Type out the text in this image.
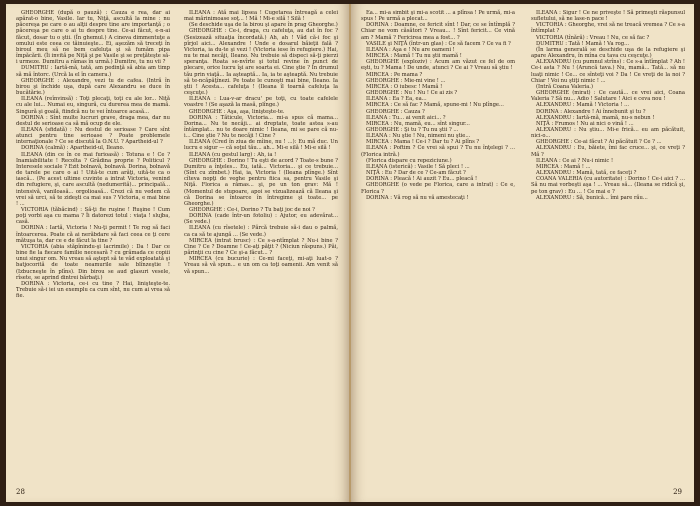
GHEORGHE (după o pauză) : Cauza e rea, dar ai apărat-o bine, Vasile. Iar tu, Niţă, ascultă la mine : nu păcereşa pe care o au alţii despre tine are importanţă ; o păcereşa pe care o ai tu despre tine. Ce-ai făcut, e-n-ai făcut, dosar tu o ştii. (În ghemul.) A cineva dimmentuţe a omului este ceea ce tăinuieşte... Ei, aşezăm să treceţi în biroul meu să ne bem cafeluţa şi să fumăm pipa împăcării. (Îi invită pe Niţă şi pe Vasile şi se preţăteşte să-i urmeze. Dumitru a rămas în urmă.) Dumitre, tu nu vii ?

DUMITRU : Iartă-mă, tată, am pedinţă să abia am timp să mă întorc. (Urcă la el în camera.)

GHEORGHE : Alexandre, vezi tu de cafea. (Intră în birou şi închide uşa, după care Alexandru se duce în bucătărie.)

ILEANA (reînvinsă) : Toţi plecaţi, toţi cu ale lor... Niţă cu ale lui... Numai eu, singură, cu durerea mea de mamă. Singură şi goală, fiindcă nu te vei întoarce acasă...

DORINA : Sînt multe lucruri grave, draga mea, dar nu destul de serioase ca să mă ocup de ele.

ILEANA (sfidată) : Nu destul de serioase ? Care sînt atunci pentru tine serioase ? Poate problemele internaţionale ? Ce se discută la O.N.U. ? Apartheid-ul ?

DORINA (calmă) : Apartheid-ul, Ileano.

ILEANA (din ce în ce mai furioasă) : Totuna e ! Ce ? Inamiabilitate ! Recolta ? Grădina proprie ? Politicul ? Interesele sociale ? Ezit bolnavă, bolnavă. Dorina, bolnavă de tarele pe care o ai ! Uită-te cum arăţi, uită-te ca o iască... (Pe acest ultime cuvinte a intrat Victoria, venind din refugiere, şi, care ascultă (nedumerită)... principală... intensivă, vaniloasă... orgolioasă... Crezi că nu vedem că vrei să urci, să te zideşti ca mai sus ? Victoria, e mai bine ! ...

VICTORIA (tăbăcind) : Să-ţi fie ruşine ! Ruşine ! Cum poţi vorbi aşa cu mama ? Îi datorezi totul : viaţa ! slujba, casă.

DORINA : Iartă, Victoria ! Nu-ţi permit ! Te rog să faci întoarcerea. Poate că ai nerăbdare să faci ceea ce ţi cere mătuşa ta, dar ce e de făcut la tine ?

VICTORIA (abia stăpînindu-şi lacrimile) : Da ! Dar ce bine fie la fiecare familie necesară ? cu grămada ce copiii unui singur om. Nu vreau să aştept să te văd exploatată şi batjocorită de toate neamurile sale blînzeştie ! (Izbucneşte în plîns). Din birou se aud glasuri vesele, rîsete, se aprind dintrei bărbaţi.)

DORINA : Victoria, ce-i cu tine ? Hai, linişteşte-te. Trebuie să-i iei un exemplu ca cum sînt, nu cum ai vrea să fie.

ILEANA : Ată mai lipsea ! Cugetarea întreagă a celei mai mărinimoase soţ... ! Mă ! Mi-e silă ! Silă !

(Se deschide uşa de la birou şi apare în prag Gheorghe.)

GHEORGHE : Ce-i, draga, cu cafeluţa, au dat în foc ? (Sesizează situaţia încordată.) Ah, ah ! Văd că-i foc şi pîrjol aici... Alexandre ! Unde e dosarul băieţii fală ? Victoria, ia du-te şi vezi ! (Victoria iese în refugiere.) Hai, nu te mai necăji, Ileano. Nu trebuie să dispeci să-ţi pierzi speranţa. Roata se-nvîrte şi totul revine în punct de plecare, orice lucru îşi are soarta ei. Cine ştie ? În drumul tău prin viaţă... Ia aşteaptă... Ia, ia te aşteaptă. Nu trebuie să te-ncăpăţînezi. Pe toate le cunoşti mai bine, Ileano. Ia ştii ! Acesta... cafeluţa ! (Ileana îl toarnă cafeluţa la ceşcuţe.)

ILEANA : Lua-v-ar dracu' pe toţi, cu toate cafelele voastre ! (Se aşază la masă, plînge.)

GHEORGHE : Aşa, aşa, linişteşte-te.

DORINA : Tăticule, Victoria... mi-a spus că mama... Dorina... Nu te necăji... ai dreptate, toate astea s-au întâmplat... nu te doare nimic ! Ileana, mi se pare că nu-i... Cine ştie ? Nu te necăji ! Cine ?

ILEANA (Cred în ziua de mîine, nu ! ...): Eu mă duc. Un lucru e sigur — că soţul tău... ah... Mi-e silă ! Mi-e silă !

ILEANA (cu gestul larg) : Ah, ia !

GHEORGHE : Dorino ! Tu eşti de acord ? Toate-s bune ? Dumitru a înţeles... Eu, iată... Victoria... şi ce trebuie... (Sînt cu zîmbet.) Hai, ia, Victoria ! (Ileana plînge.) Sînt cîteva nopţi de veghe pentru fiica sa, pentru Vasile şi Niţă. Florica a rămas... şi, pe un ton grav: Mă ! (Momentul de stupoare, apoi se vizualizează că Ileana şi că Dorina se întoarce în întregime şi toate... pe Gheorghe.)

GHEORGHE : Ce-i, Dorino ? Tu baţi joc de noi ?

DORINA (cade într-un fotoliu) : Ajutor, eu adevărat... (Se vede.)

ILEANA (cu rîsetele) : Părcă trebuie să-i dau o palmă, ca ca să te ajungă ... (Se vede.)

MIRCEA (intrat brusc) : Ce s-a-ntîmplat ? Nu-i bine ? Cine ? Ce ? Doamne ! Ce-aţi păţit ? (Niciun răspuns.) Păi, părinţii cu cine ? Ce şi-a făcut... ?

MIRCEA (cu bucurie) : Ce-mi faceţi, mi-aţi luat-o ? Vreau să vă spun... e un om ca toţi oamenii. Am venit să vă spun...

28

Ea... mi-a simbit şi mi-a scotit ... a plînsa ! Pe urmă, mi-a spus ! Pe urmă a plecat...

DORINA : Doamne, ce fericit sînt ! Dar, ce se întîmplă ? Chiar ne vom căsători ? Vreau... ! Sînt fericit... Ce vină am ? Mamă ? Fericirea mea a fost... ?

VASILE şi NIŢĂ (într-un glas) : Ce să facem ? Ce va fi ?

ILEANA : Aşa e ! Nu are oameni !

MIRCEA : Mamă ! Tu nu ştii mamă !

GHEORGHE (exploziv) : Acum am văzut ce fel de om eşti, tu ? Mama ! De unde, atunci ? Ce ai ? Vreau să ştiu !

MIRCEA : Pe mama ?

GHEORGHE : Mie-mi vine ! ...

MIRCEA : O iubesc ! Mamă !

GHEORGHE : Nu ! Nu ! Ce ai zis ?

ILEANA : Ea ? Ea, ea...

MIRCEA : Ce să fac ? Mamă, spune-mi ! Nu plînge...

GHEORGHE : Cauza ?

ILEANA : Tu... ai venit aici... ?

MIRCEA : Nu, mamă, eu... sînt singur...

GHEORGHE : Şi tu ? Tu nu ştii ? ...

ILEANA : Nu ştie ! Nu, nimeni nu ştie...

MIRCEA : Mama ! Ce-i ? Dar tu ? Ai plîns ?

ILEANA : Poftim ? Ce vrei să spui ? Tu nu înţelegi ? ... (Florica intră.)

(Florica dispare cu repeziciune.)

ILEANA (isterică) : Vasile ! Să pleci ! ...

NIŢĂ : Eu ? Dar de ce ? Ce-am făcut ?

DORINA : Pleacă ! Ai auzit ? Eu... pleacă !

GHEORGHE (o vede pe Florica, care a intrat) : Ce e, Florica ?

DORINA : Vă rog să nu vă amestecaţi !

ILEANA : Sigur ! Ce ne priveşte ! Să primeşti răspunsul sufletului, să ne lase-n pace !

VICTORIA : Gheorghe, vrei să ne treacă vremea ? Ce s-a întîmplat ?

VICTORIA (tînără) : Vreau ! Nu, ce să fac ?

DUMITRU : Tată ! Mamă ! Va rog...

(În larma generală se deschide uşa de la refugiere şi apare Alexandru, în mîna cu tava cu ceşcuţe.)

ALEXANDRU (cu pumnul strîns) : Ce s-a întîmplat ? Ah ! Ce-i asta ? Nu ! (Aruncă tava.) Nu, mamă... Tată... să nu luaţi nimic ! Ce... ce sînteţi voi ? Da ! Ce vreţi de la noi ? Chiar ! Voi nu ştiţi nimic ! ...

(Intră Coana Valeria.)

GHEORGHE (mirat) : Ce caută... ce vrei aici, Coana Valeria ? Să nu... Adio ! Salutare ! Aici e ceva nou !

ALEXANDRU : Mamă ! Victoria ! ...

DORINA : Alexandre ! Ai înnebunit şi tu ?

ALEXANDRU : Iartă-mă, mamă, nu-s nebun !

NIŢĂ : Frumos ! Nu ai nici o vină ! ...

ALEXANDRU : Nu ştiu... Mi-e frică... eu am păcătuit, nici-o...

GHEORGHE : Ce-ai făcut ? Ai păcătuit ? Ce ? ...

ALEXANDRU : Eu, băiete, îmi fac cruce... şi, ce vreţi ? Mă ?

ILEANA : Ce ai ? Nu-i nimic !

MIRCEA : Mamă ! ...

ALEXANDRU : Mamă, tată, ce faceţi ?

COANA VALERIA (cu autoritate) : Dorino ! Ce-i aici ? ... Să nu mai vorbeşti aşa ! ... Vreau să... (Ileana se ridică şi, pe ton grav) : Eu ... ! Ce mai e ?

ALEXANDRU : Să, bunică... îmi pare rău...

29
